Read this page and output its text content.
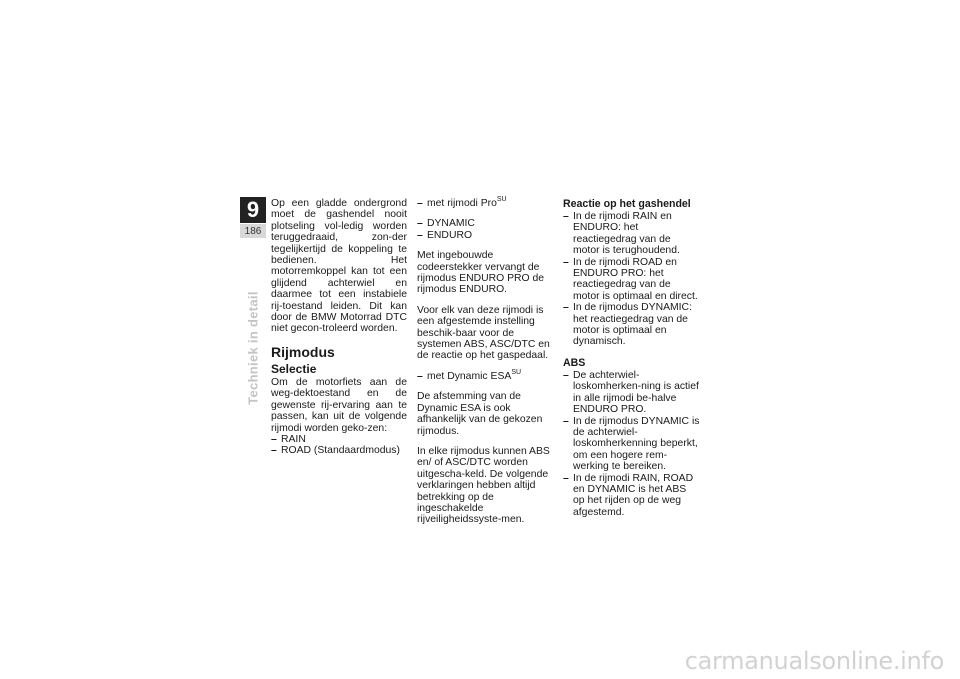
9
186
Techniek in detail

Op een gladde ondergrond moet de gashendel nooit plotseling vol-ledig worden teruggedraaid, zon-der tegelijkertijd de koppeling te bedienen. Het motorremkoppel kan tot een glijdend achterwiel en daarmee tot een instabiele rij-toestand leiden. Dit kan door de BMW Motorrad DTC niet gecon-troleerd worden.

Rijmodus
Selectie

Om de motorfiets aan de weg-dektoestand en de gewenste rij-ervaring aan te passen, kan uit de volgende rijmodi worden geko-zen:

– RAIN
– ROAD (Standaardmodus)
– met rijmodi Pro$^{SU}$
– DYNAMIC
– ENDURO

Met ingebouwde codeerstekker vervangt de rijmodus ENDURO PRO de rijmodus ENDURO.

Voor elk van deze rijmodi is een afgestemde instelling beschik-baar voor de systemen ABS, ASC/DTC en de reactie op het gaspedaal.

– met Dynamic $ESA^{SU}$

De afstemming van de Dynamic ESA is ook afhankelijk van de gekozen rijmodus.

In elke rijmodus kunnen ABS en/ of ASC/DTC worden uitgescha-keld. De volgende verklaringen hebben altijd betrekking op de ingeschakelde rijveiligheidssyste-men.

Reactie op het gashendel
– In de rijmodi RAIN en ENDURO: het reactiegedrag van de motor is terughoudend.
– In de rijmodi ROAD en ENDURO PRO: het reactiegedrag van de motor is optimaal en direct.
– In de rijmodus DYNAMIC: het reactiegedrag van de motor is optimaal en dynamisch.
ABS
– De achterwiel-loskomherken-ning is actief in alle rijmodi be-halve ENDURO PRO.
– In de rijmodus DYNAMIC is de achterwiel-loskomherkenning beperkt, om een hogere rem-werking te bereiken.
– In de rijmodi RAIN, ROAD en DYNAMIC is het ABS op het rijden op de weg afgestemd.
carmanualsonline.info
